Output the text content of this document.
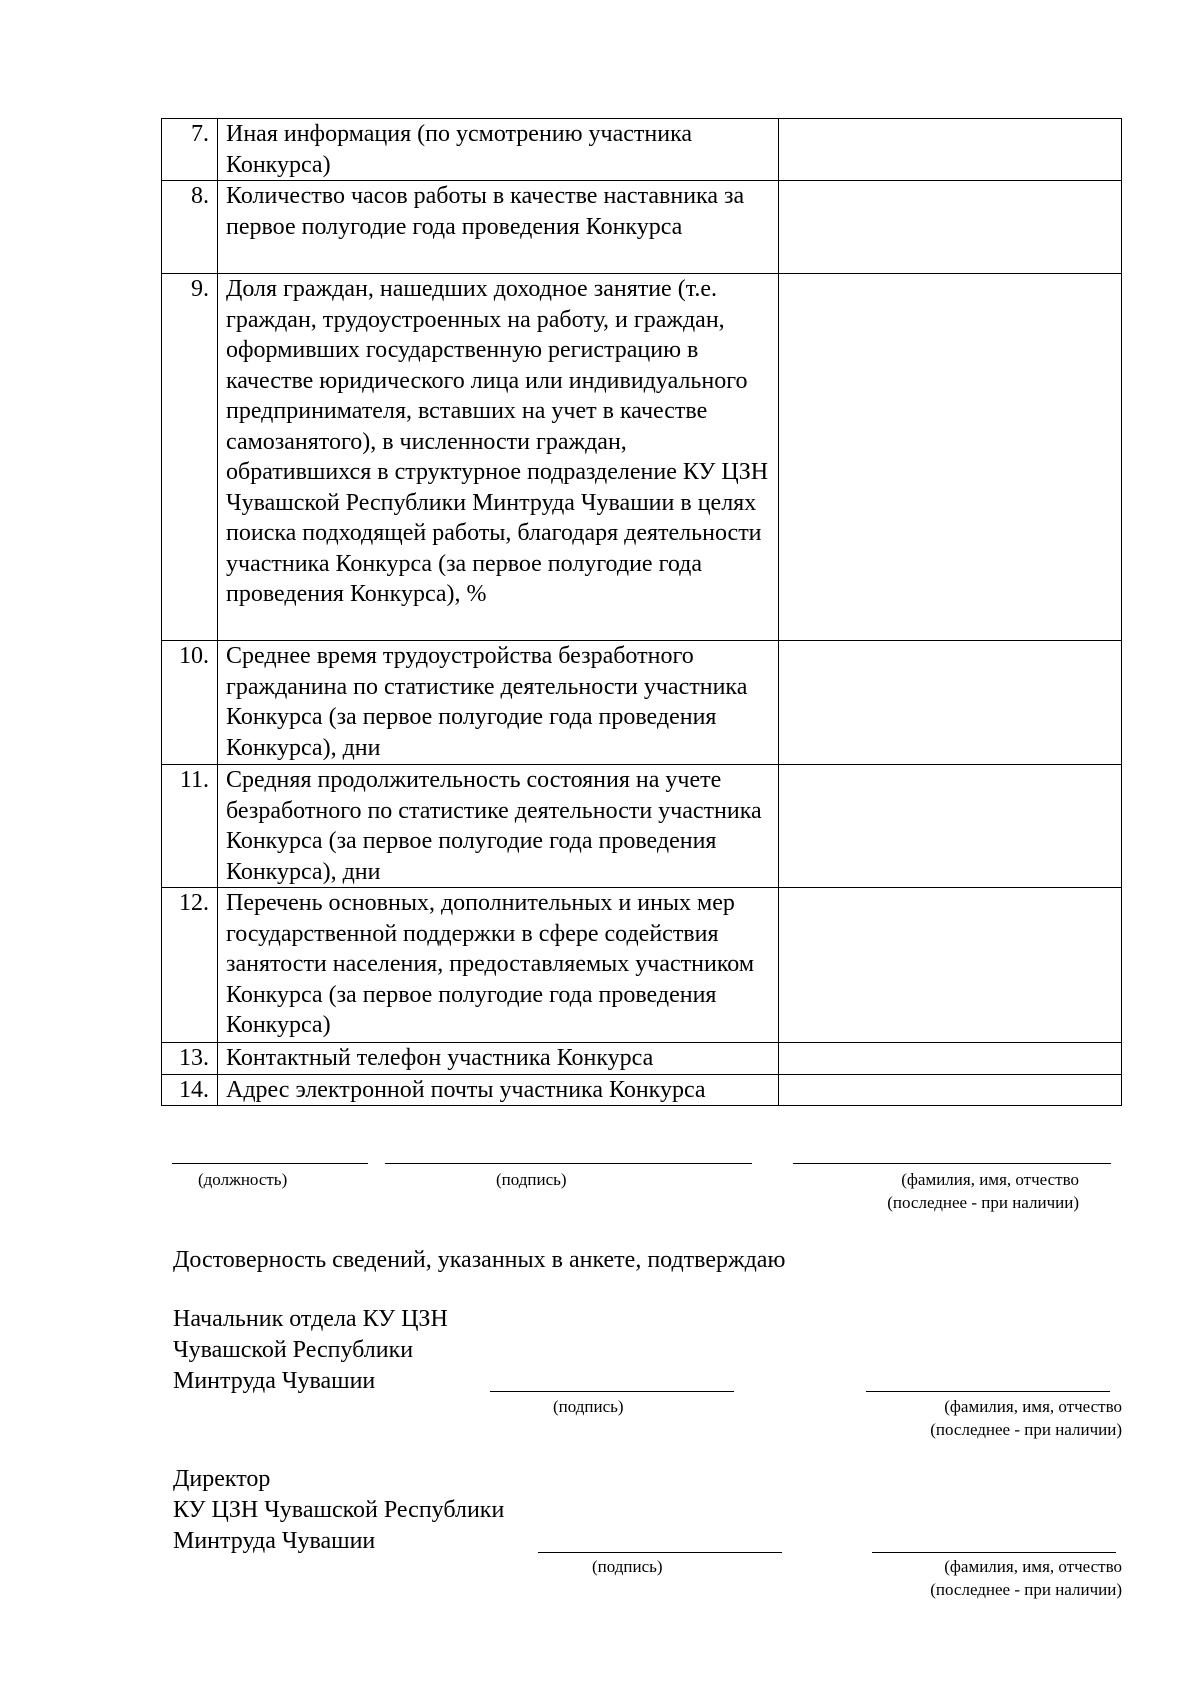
7.	Иная информация (по усмотрению участника Конкурса)	
8.	Количество часов работы в качестве наставника за первое полугодие года проведения Конкурса	
9.	Доля граждан, нашедших доходное занятие (т.е. граждан, трудоустроенных на работу, и граждан, оформивших государственную регистрацию в качестве юридического лица или индивидуального предпринимателя, вставших на учет в качестве самозанятого), в численности граждан, обратившихся в структурное подразделение КУ ЦЗН Чувашской Республики Минтруда Чувашии в целях поиска подходящей работы, благодаря деятельности участника Конкурса (за первое полугодие года проведения Конкурса), %	
10.	Среднее время трудоустройства безработного гражданина по статистике деятельности участника Конкурса (за первое полугодие года проведения Конкурса), дни	
11.	Средняя продолжительность состояния на учете безработного по статистике деятельности участника Конкурса (за первое полугодие года проведения Конкурса), дни	
12.	Перечень основных, дополнительных и иных мер государственной поддержки в сфере содействия занятости населения, предоставляемых участником Конкурса (за первое полугодие года проведения Конкурса)	
13.	Контактный телефон участника Конкурса	
14.	Адрес электронной почты участника Конкурса	
(должность)	(подпись)	(фамилия, имя, отчество
(последнее - при наличии)
Достоверность сведений, указанных в анкете, подтверждаю
Начальник отдела КУ ЦЗН
Чувашской Республики
Минтруда Чувашии
(подпись)	(фамилия, имя, отчество
(последнее - при наличии)
Директор
КУ ЦЗН Чувашской Республики
Минтруда Чувашии
(подпись)	(фамилия, имя, отчество
(последнее - при наличии)
